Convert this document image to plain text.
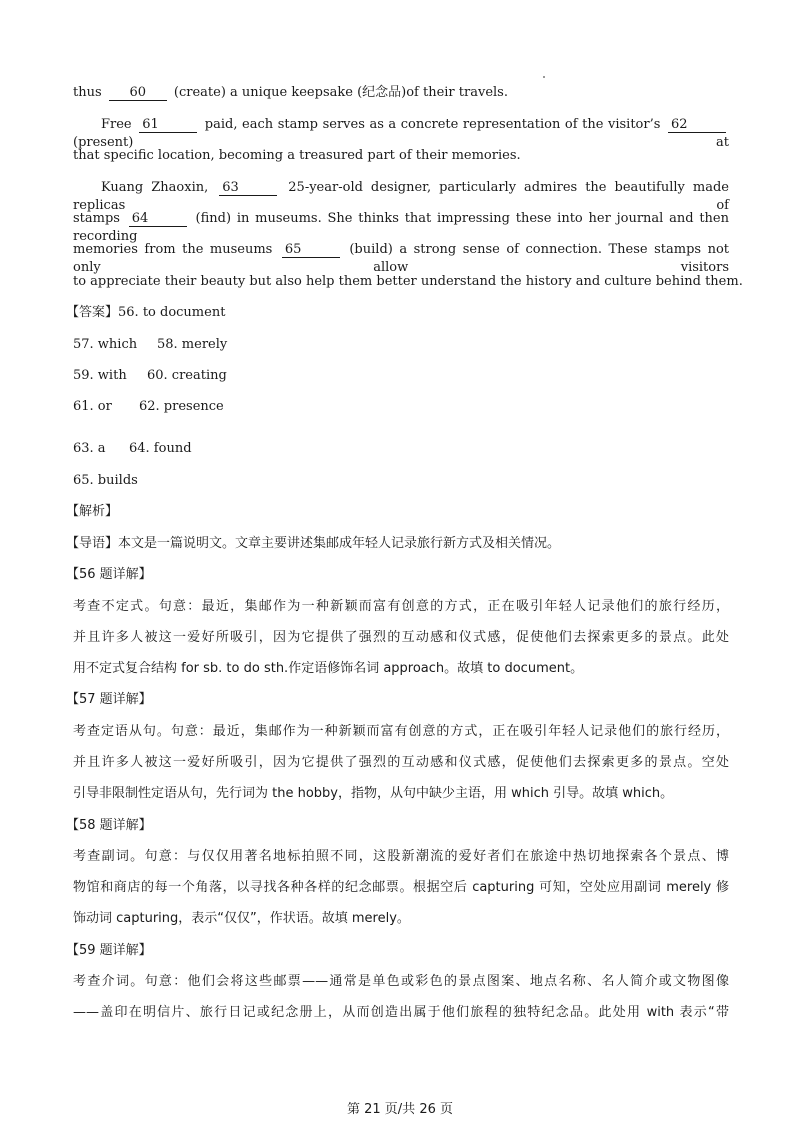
thus 60 (create) a unique keepsake (纪念品)of their travels.
Free 61	paid, each stamp serves as a concrete representation of the visitor’s 62 (present) at
that specific location, becoming a treasured part of their memories.
Kuang Zhaoxin, 63	25-year-old designer, particularly admires the beautifully made replicas of
stamps 64	(find) in museums. She thinks that impressing these into her journal and then recording
memories from the museums 65	(build) a strong sense of connection. These stamps not only allow visitors
to appreciate their beauty but also help them better understand the history and culture behind them.
【答案】56. to document
57. which 58. merely
59. with 60. creating
61. or 62. presence
63. a 64. found
65. builds
【解析】
【导语】本文是一篇说明文。文章主要讲述集邮成年轻人记录旅行新方式及相关情况。
【56 题详解】
考查不定式。句意：最近，集邮作为一种新颖而富有创意的方式，正在吸引年轻人记录他们的旅行经历，
并且许多人被这一爱好所吸引，因为它提供了强烈的互动感和仪式感，促使他们去探索更多的景点。此处
用不定式复合结构 for sb. to do sth.作定语修饰名词 approach。故填 to document。
【57 题详解】
考查定语从句。句意：最近，集邮作为一种新颖而富有创意的方式，正在吸引年轻人记录他们的旅行经历，
并且许多人被这一爱好所吸引，因为它提供了强烈的互动感和仪式感，促使他们去探索更多的景点。空处
引导非限制性定语从句，先行词为 the hobby，指物，从句中缺少主语，用 which 引导。故填 which。
【58 题详解】
考查副词。句意：与仅仅用著名地标拍照不同，这股新潮流的爱好者们在旅途中热切地探索各个景点、博
物馆和商店的每一个角落，以寻找各种各样的纪念邮票。根据空后 capturing 可知，空处应用副词 merely 修
饰动词 capturing，表示“仅仅”，作状语。故填 merely。
【59 题详解】
考查介词。句意：他们会将这些邮票——通常是单色或彩色的景点图案、地点名称、名人简介或文物图像
——盖印在明信片、旅行日记或纪念册上，从而创造出属于他们旅程的独特纪念品。此处用 with 表示“带
第 21 页/共 26 页
